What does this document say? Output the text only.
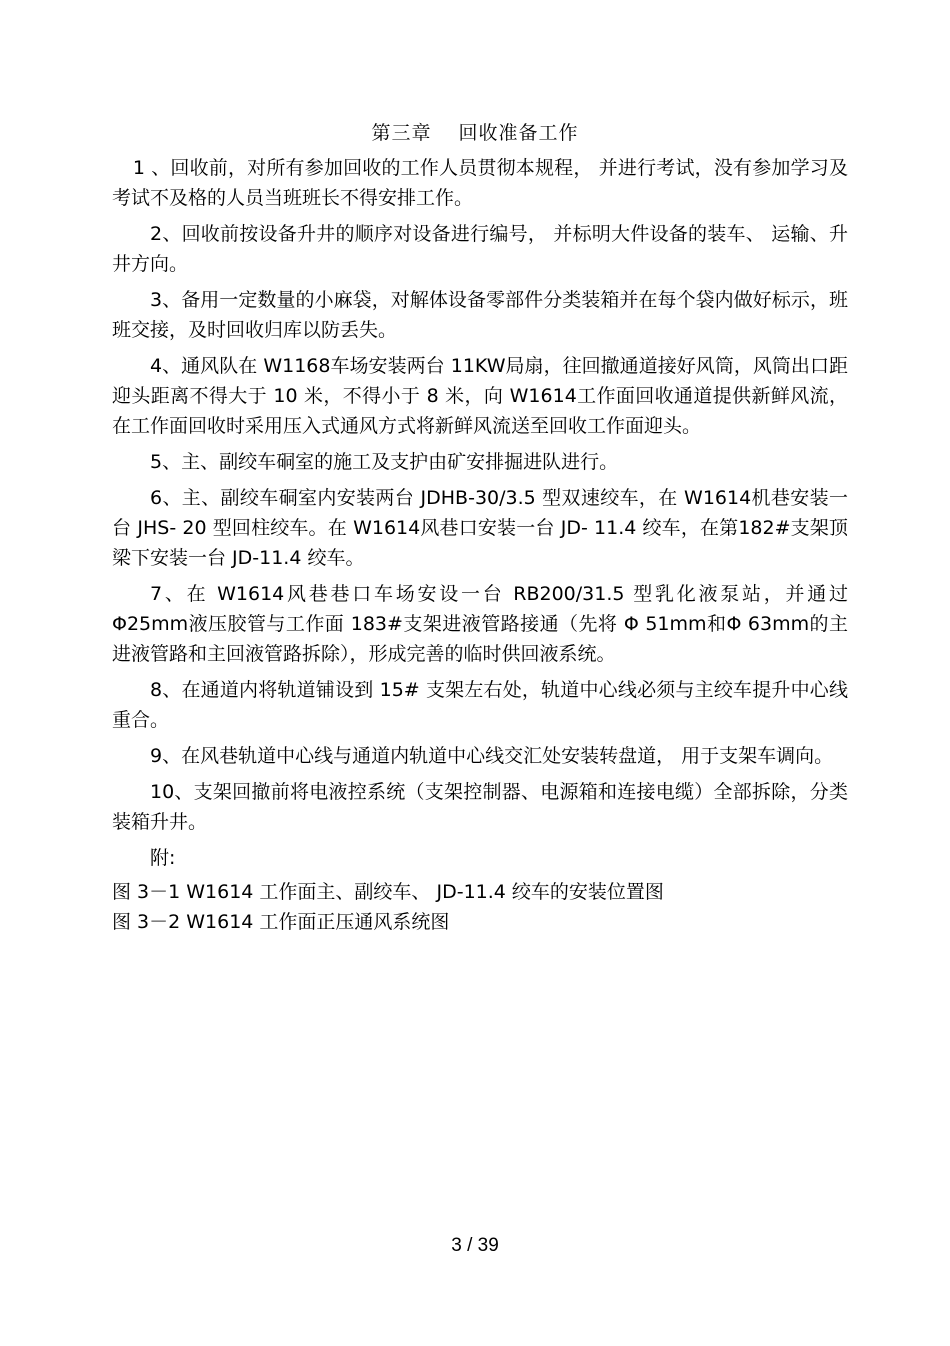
第三章 　回收准备工作

1 、回收前，对所有参加回收的工作人员贯彻本规程， 并进行考试，没有参加学习及考试不及格的人员当班班长不得安排工作。

2、回收前按设备升井的顺序对设备进行编号， 并标明大件设备的装车、 运输、升井方向。

3、备用一定数量的小麻袋，对解体设备零部件分类装箱并在每个袋内做好标示，班班交接，及时回收归库以防丢失。

4、通风队在 W1168车场安装两台 11KW局扇，往回撤通道接好风筒，风筒出口距迎头距离不得大于 10 米，不得小于 8 米，向 W1614工作面回收通道提供新鲜风流，在工作面回收时采用压入式通风方式将新鲜风流送至回收工作面迎头。

5、主、副绞车硐室的施工及支护由矿安排掘进队进行。

6、主、副绞车硐室内安装两台 JDHB-30/3.5 型双速绞车，在 W1614机巷安装一台 JHS- 20 型回柱绞车。在 W1614风巷口安装一台 JD- 11.4 绞车，在第182#支架顶梁下安装一台 JD-11.4 绞车。

7、在 W1614风巷巷口车场安设一台 RB200/31.5 型乳化液泵站，并通过 Φ25mm液压胶管与工作面 183#支架进液管路接通（先将 Φ 51mm和Φ 63mm的主进液管路和主回液管路拆除），形成完善的临时供回液系统。

8、在通道内将轨道铺设到 15# 支架左右处，轨道中心线必须与主绞车提升中心线重合。

9、在风巷轨道中心线与通道内轨道中心线交汇处安装转盘道， 用于支架车调向。

10、支架回撤前将电液控系统（支架控制器、电源箱和连接电缆）全部拆除，分类装箱升井。

附:

图 3－1 W1614 工作面主、副绞车、 JD-11.4 绞车的安装位置图

图 3－2 W1614 工作面正压通风系统图

3 / 39
